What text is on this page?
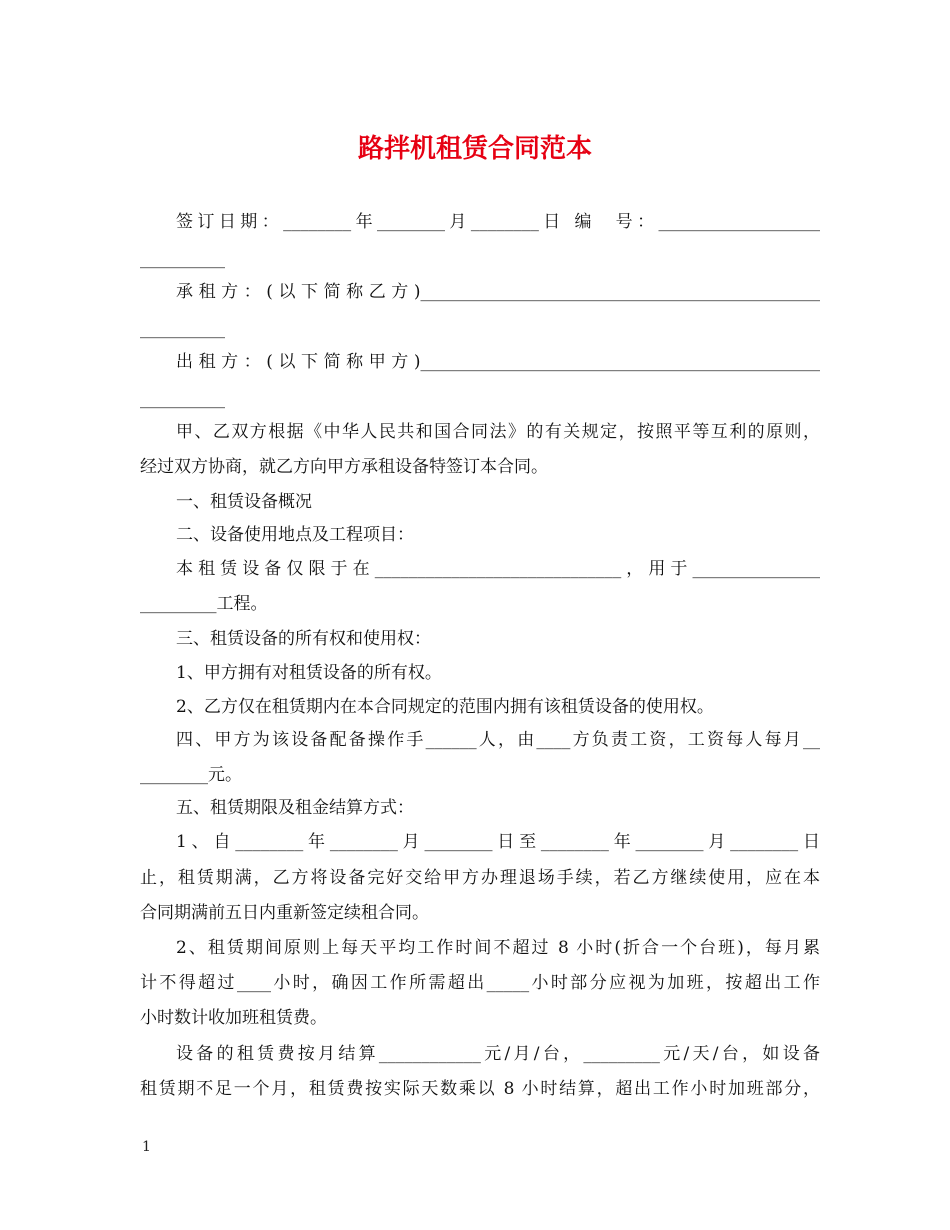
路拌机租赁合同范本
签订日期：________年________月________日 编  号：___________________
__________
承租方：(以下简称乙方)_______________________________________________
__________
出租方：(以下简称甲方)_______________________________________________
__________
甲、乙双方根据《中华人民共和国合同法》的有关规定，按照平等互利的原则，
经过双方协商，就乙方向甲方承租设备特签订本合同。
一、租赁设备概况
二、设备使用地点及工程项目：
本租赁设备仅限于在_____________________________，用于_______________
_________工程。
三、租赁设备的所有权和使用权：
1、甲方拥有对租赁设备的所有权。
2、乙方仅在租赁期内在本合同规定的范围内拥有该租赁设备的使用权。
四、甲方为该设备配备操作手______人，由____方负责工资，工资每人每月__
________元。
五、租赁期限及租金结算方式：
1、自________年________月________日至________年________月________日
止，租赁期满，乙方将设备完好交给甲方办理退场手续，若乙方继续使用，应在本
合同期满前五日内重新签定续租合同。
2、租赁期间原则上每天平均工作时间不超过 8 小时(折合一个台班)，每月累
计不得超过____小时，确因工作所需超出_____小时部分应视为加班，按超出工作
小时数计收加班租赁费。
设备的租赁费按月结算____________元/月/台，_________元/天/台，如设备
租赁期不足一个月，租赁费按实际天数乘以 8 小时结算，超出工作小时加班部分，
1
